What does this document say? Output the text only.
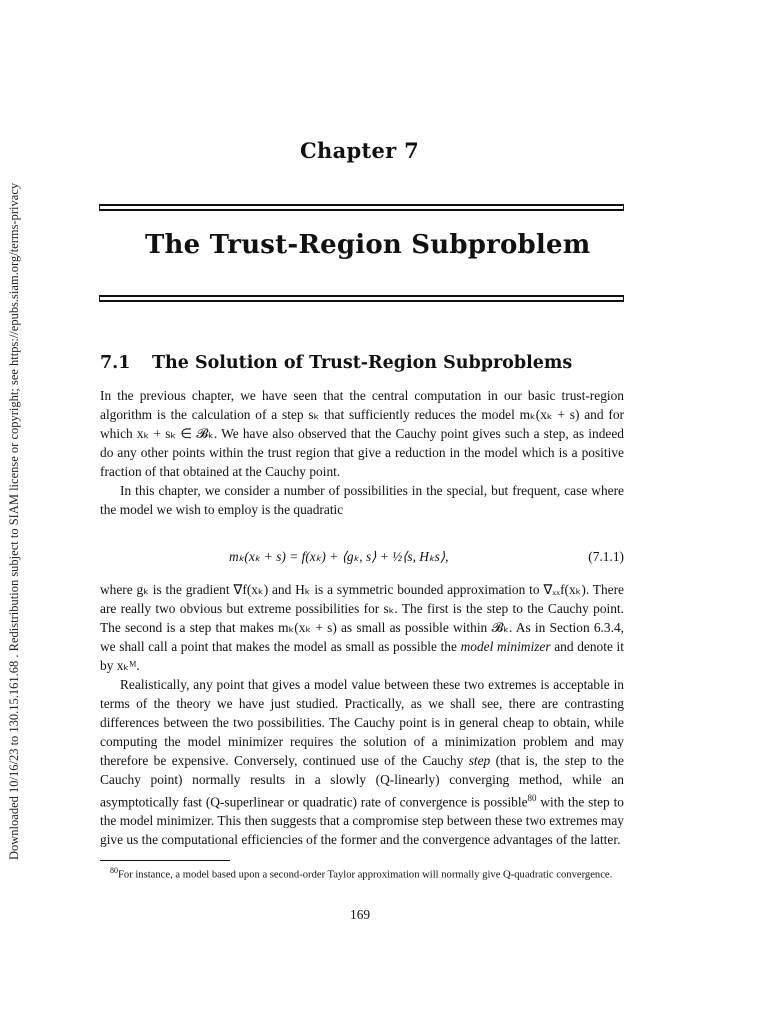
Downloaded 10/16/23 to 130.15.161.68 . Redistribution subject to SIAM license or copyright; see https://epubs.siam.org/terms-privacy
Chapter 7
The Trust-Region Subproblem
7.1 The Solution of Trust-Region Subproblems

In the previous chapter, we have seen that the central computation in our basic trust-region algorithm is the calculation of a step sₖ that sufficiently reduces the model mₖ(xₖ + s) and for which xₖ + sₖ ∈ 𝓑ₖ. We have also observed that the Cauchy point gives such a step, as indeed do any other points within the trust region that give a reduction in the model which is a positive fraction of that obtained at the Cauchy point.

In this chapter, we consider a number of possibilities in the special, but frequent, case where the model we wish to employ is the quadratic

mₖ(xₖ + s) = f(xₖ) + ⟨gₖ, s⟩ + ½⟨s, Hₖs⟩,	(7.1.1)

where gₖ is the gradient ∇f(xₖ) and Hₖ is a symmetric bounded approximation to ∇ₓₓf(xₖ). There are really two obvious but extreme possibilities for sₖ. The first is the step to the Cauchy point. The second is a step that makes mₖ(xₖ + s) as small as possible within 𝓑ₖ. As in Section 6.3.4, we shall call a point that makes the model as small as possible the model minimizer and denote it by xₖᴹ.

Realistically, any point that gives a model value between these two extremes is acceptable in terms of the theory we have just studied. Practically, as we shall see, there are contrasting differences between the two possibilities. The Cauchy point is in general cheap to obtain, while computing the model minimizer requires the solution of a minimization problem and may therefore be expensive. Conversely, continued use of the Cauchy step (that is, the step to the Cauchy point) normally results in a slowly (Q-linearly) converging method, while an asymptotically fast (Q-superlinear or quadratic) rate of convergence is possible$^{80}$ with the step to the model minimizer. This then suggests that a compromise step between these two extremes may give us the computational efficiencies of the former and the convergence advantages of the latter.

$^{80}$For instance, a model based upon a second-order Taylor approximation will normally give Q-quadratic convergence.
169
